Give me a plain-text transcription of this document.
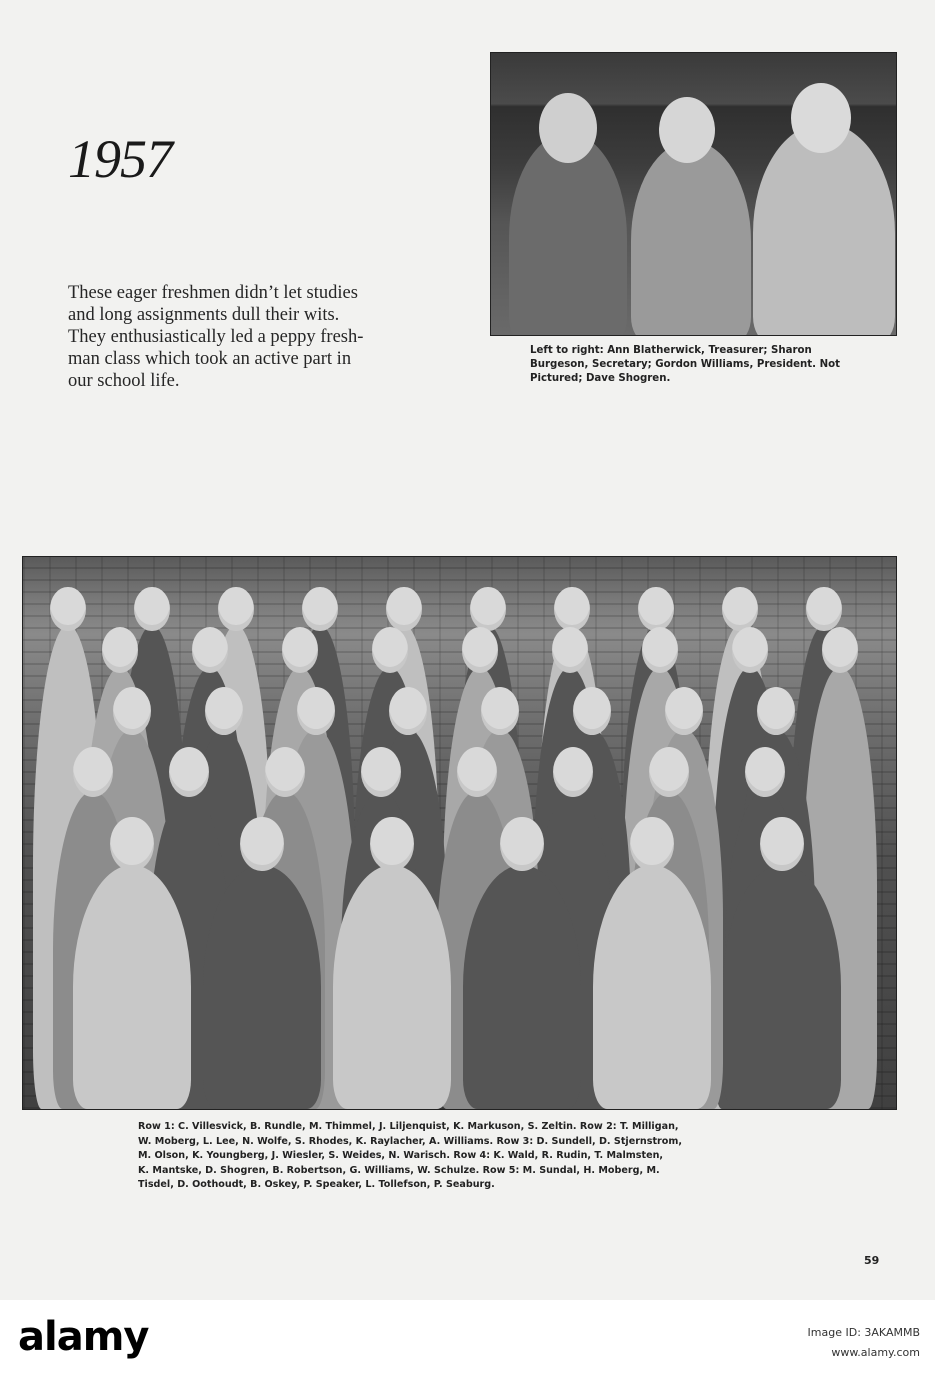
1957
These eager freshmen didn’t let studies
and long assignments dull their wits.
They enthusiastically led a peppy fresh-
man class which took an active part in
our school life.
Left to right: Ann Blatherwick, Treasurer; Sharon
Burgeson, Secretary; Gordon Williams, President. Not
Pictured; Dave Shogren.
Row 1: C. Villesvick, B. Rundle, M. Thimmel, J. Liljenquist, K. Markuson, S. Zeltin. Row 2: T. Milligan,
W. Moberg, L. Lee, N. Wolfe, S. Rhodes, K. Raylacher, A. Williams. Row 3: D. Sundell, D. Stjernstrom,
M. Olson, K. Youngberg, J. Wiesler, S. Weides, N. Warisch. Row 4: K. Wald, R. Rudin, T. Malmsten,
K. Mantske, D. Shogren, B. Robertson, G. Williams, W. Schulze. Row 5: M. Sundal, H. Moberg, M.
Tisdel, D. Oothoudt, B. Oskey, P. Speaker, L. Tollefson, P. Seaburg.
59
alamy	Image ID: 3AKAMMB
www.alamy.com
